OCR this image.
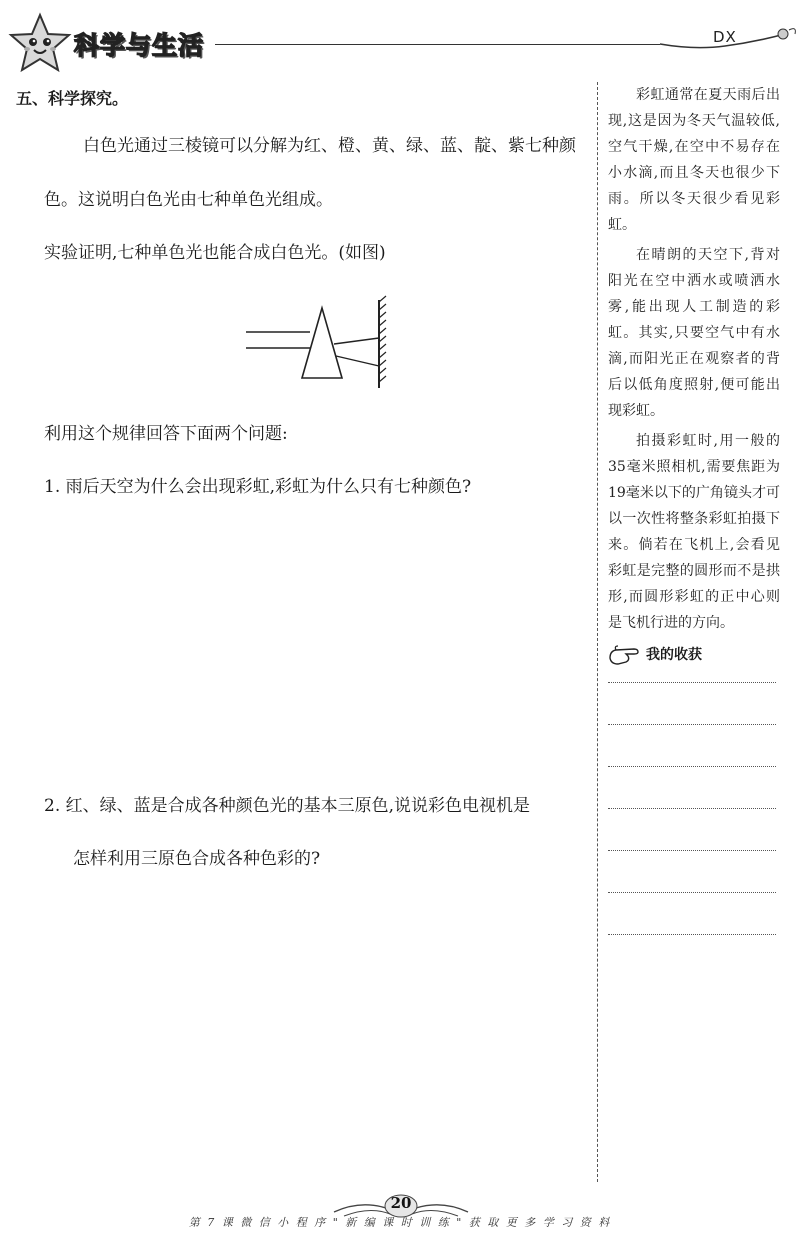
科学与生活	DX
五、科学探究。
白色光通过三棱镜可以分解为红、橙、黄、绿、蓝、靛、紫七种颜
色。这说明白色光由七种单色光组成。
实验证明,七种单色光也能合成白色光。(如图)
利用这个规律回答下面两个问题:
1. 雨后天空为什么会出现彩虹,彩虹为什么只有七种颜色?
2. 红、绿、蓝是合成各种颜色光的基本三原色,说说彩色电视机是
怎样利用三原色合成各种色彩的?

彩虹通常在夏天雨后出现,这是因为冬天气温较低,空气干燥,在空中不易存在小水滴,而且冬天也很少下雨。所以冬天很少看见彩虹。

在晴朗的天空下,背对阳光在空中洒水或喷洒水雾,能出现人工制造的彩虹。其实,只要空气中有水滴,而阳光正在观察者的背后以低角度照射,便可能出现彩虹。

拍摄彩虹时,用一般的35毫米照相机,需要焦距为19毫米以下的广角镜头才可以一次性将整条彩虹拍摄下来。倘若在飞机上,会看见彩虹是完整的圆形而不是拱形,而圆形彩虹的正中心则是飞机行进的方向。

我的收获
20
第 7 课 微 信 小 程 序 " 新 编 课 时 训 练 " 获 取 更 多 学 习 资 料
